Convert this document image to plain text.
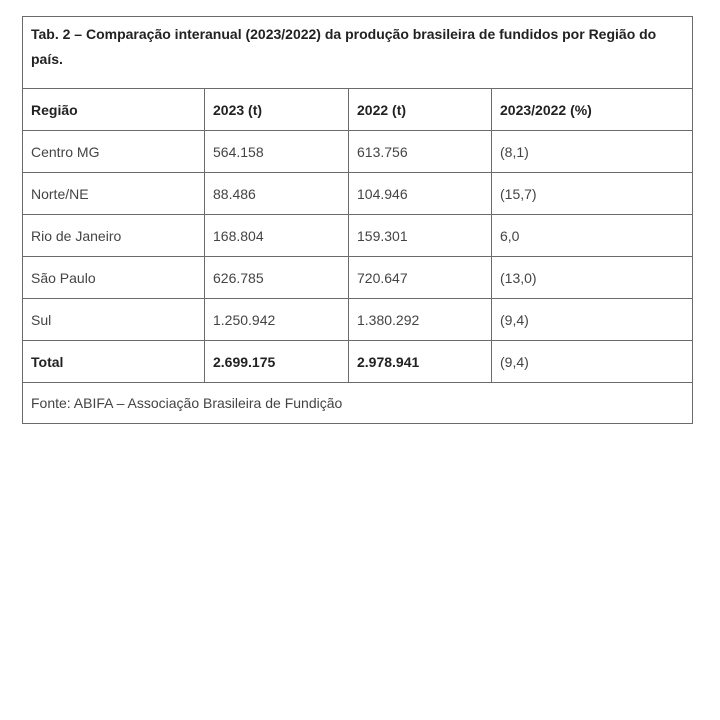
Tab. 2 – Comparação interanual (2023/2022) da produção brasileira de fundidos por Região do país.			
Região	2023 (t)	2022 (t)	2023/2022 (%)
Centro MG	564.158	613.756	(8,1)
Norte/NE	88.486	104.946	(15,7)
Rio de Janeiro	168.804	159.301	6,0
São Paulo	626.785	720.647	(13,0)
Sul	1.250.942	1.380.292	(9,4)
Total	2.699.175	2.978.941	(9,4)
Fonte: ABIFA – Associação Brasileira de Fundição			
